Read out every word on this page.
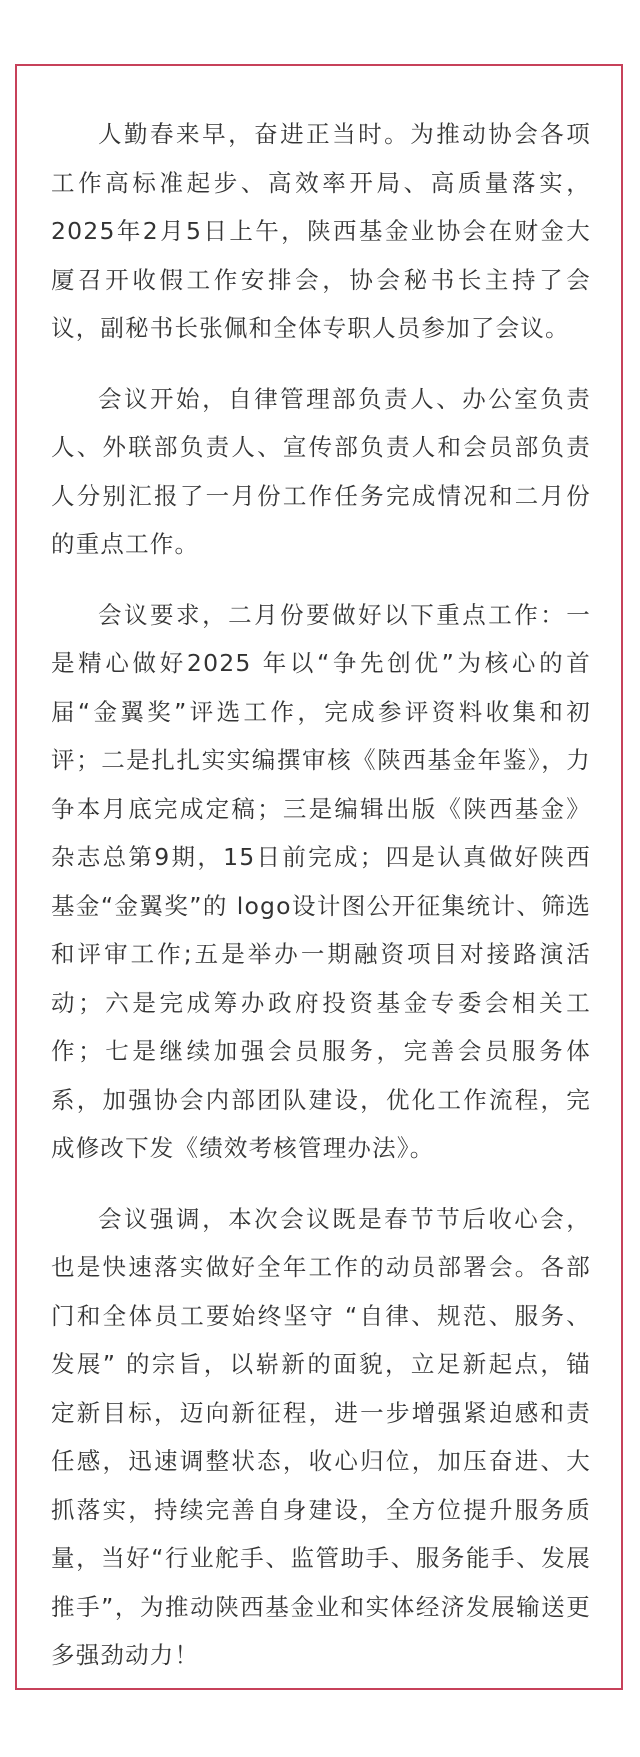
人勤春来早，奋进正当时。为推动协会各项工作高标准起步、高效率开局、高质量落实，2025年2月5日上午，陕西基金业协会在财金大厦召开收假工作安排会，协会秘书长主持了会议，副秘书长张佩和全体专职人员参加了会议。

会议开始，自律管理部负责人、办公室负责人、外联部负责人、宣传部负责人和会员部负责人分别汇报了一月份工作任务完成情况和二月份的重点工作。

会议要求，二月份要做好以下重点工作：一是精心做好2025 年以“争先创优”为核心的首届“金翼奖”评选工作，完成参评资料收集和初评；二是扎扎实实编撰审核《陕西基金年鉴》，力争本月底完成定稿；三是编辑出版《陕西基金》杂志总第9期，15日前完成；四是认真做好陕西基金“金翼奖”的 logo设计图公开征集统计、筛选和评审工作;五是举办一期融资项目对接路演活动；六是完成筹办政府投资基金专委会相关工作；七是继续加强会员服务，完善会员服务体系，加强协会内部团队建设，优化工作流程，完成修改下发《绩效考核管理办法》。

会议强调，本次会议既是春节节后收心会，也是快速落实做好全年工作的动员部署会。各部门和全体员工要始终坚守 “自律、规范、服务、发展” 的宗旨，以崭新的面貌，立足新起点，锚定新目标，迈向新征程，进一步增强紧迫感和责任感，迅速调整状态，收心归位，加压奋进、大抓落实，持续完善自身建设，全方位提升服务质量，当好“行业舵手、监管助手、服务能手、发展推手”，为推动陕西基金业和实体经济发展输送更多强劲动力！
